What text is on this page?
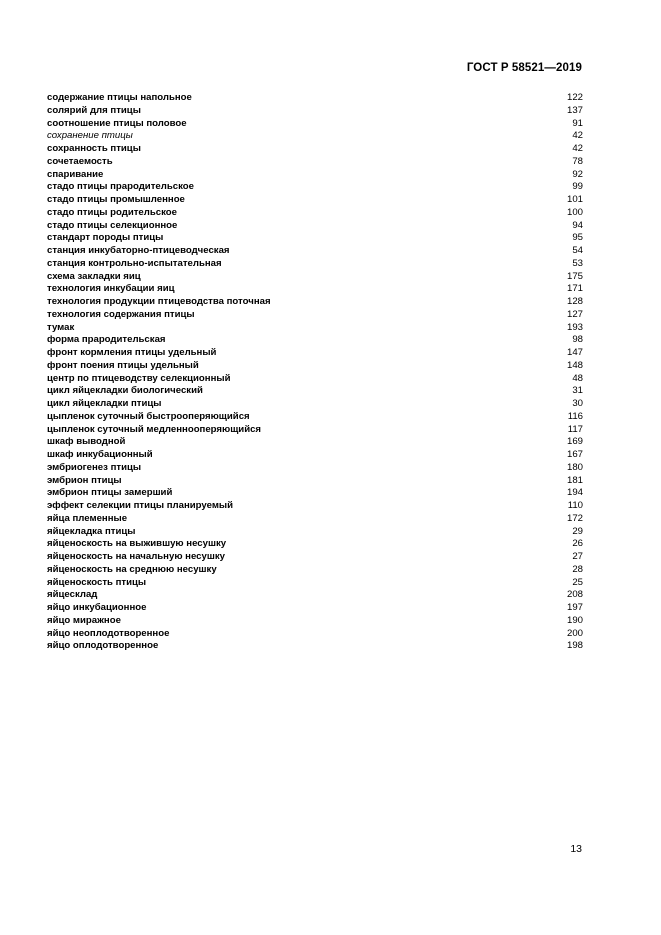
ГОСТ Р 58521—2019
содержание птицы напольное	122
солярий для птицы	137
соотношение птицы половое	91
сохранение птицы	42
сохранность птицы	42
сочетаемость	78
спаривание	92
стадо птицы прародительское	99
стадо птицы промышленное	101
стадо птицы родительское	100
стадо птицы селекционное	94
стандарт породы птицы	95
станция инкубаторно-птицеводческая	54
станция контрольно-испытательная	53
схема закладки яиц	175
технология инкубации яиц	171
технология продукции птицеводства поточная	128
технология содержания птицы	127
тумак	193
форма прародительская	98
фронт кормления птицы удельный	147
фронт поения птицы удельный	148
центр по птицеводству селекционный	48
цикл яйцекладки биологический	31
цикл яйцекладки птицы	30
цыпленок суточный быстрооперяющийся	116
цыпленок суточный медленнооперяющийся	117
шкаф выводной	169
шкаф инкубационный	167
эмбриогенез птицы	180
эмбрион птицы	181
эмбрион птицы замерший	194
эффект селекции птицы планируемый	110
яйца племенные	172
яйцекладка птицы	29
яйценоскость на выжившую несушку	26
яйценоскость на начальную несушку	27
яйценоскость на среднюю несушку	28
яйценоскость птицы	25
яйцесклад	208
яйцо инкубационное	197
яйцо миражное	190
яйцо неоплодотворенное	200
яйцо оплодотворенное	198
13
